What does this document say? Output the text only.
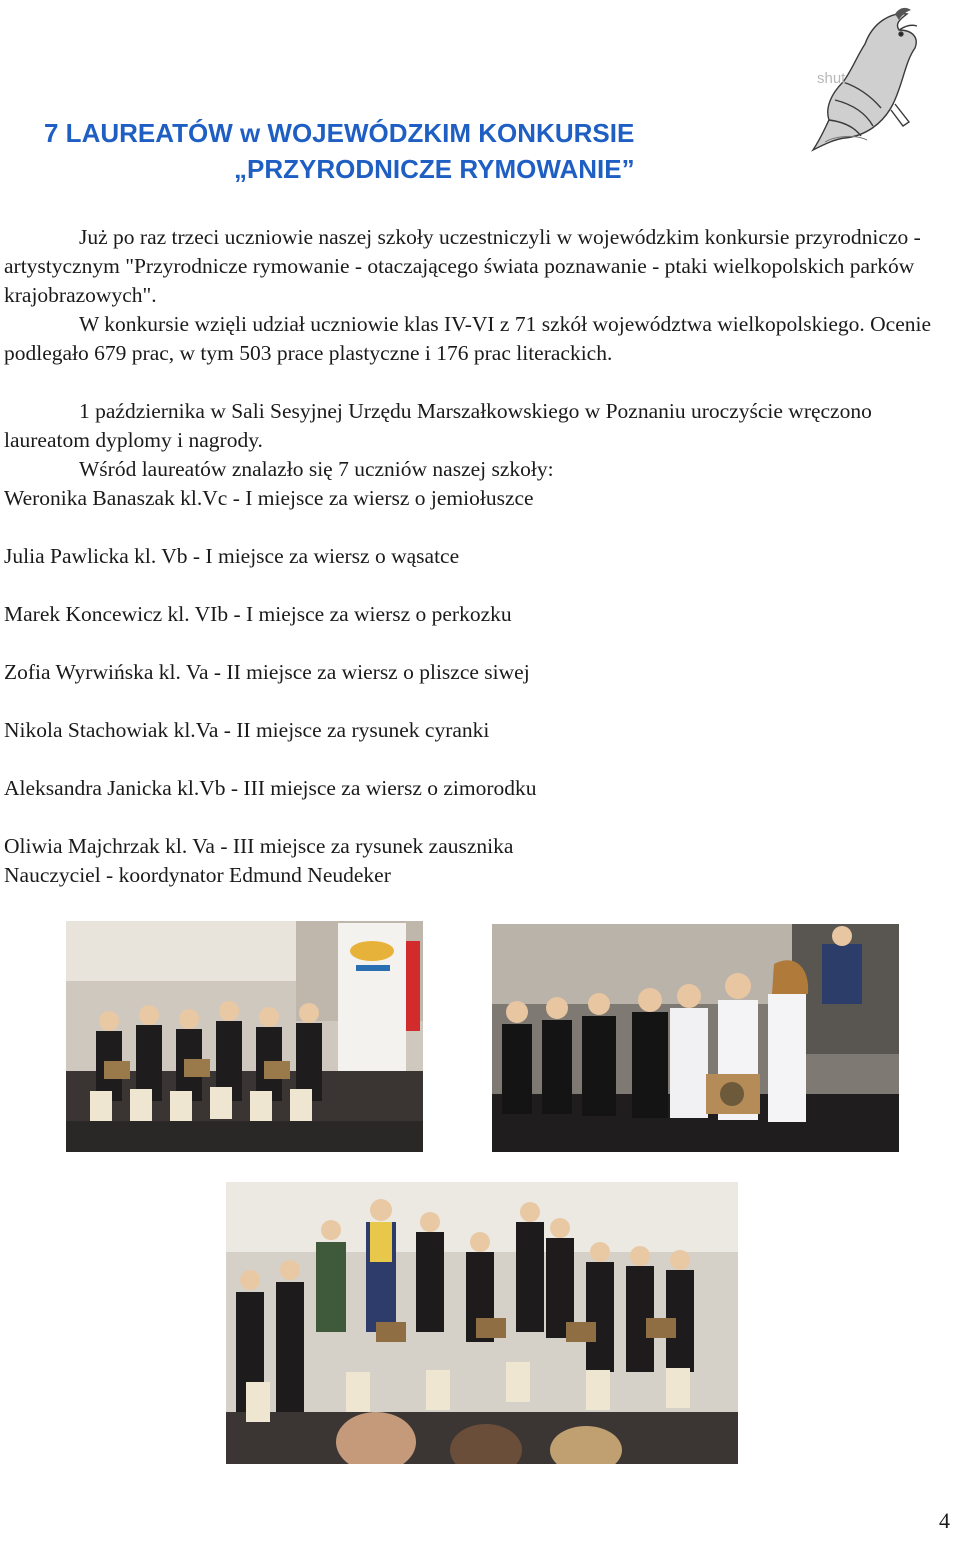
shut
7 LAUREATÓW w WOJEWÓDZKIM KONKURSIE
„PRZYRODNICZE RYMOWANIE”

Już po raz trzeci uczniowie naszej szkoły uczestniczyli w wojewódzkim konkursie przyrodniczo - artystycznym "Przyrodnicze rymowanie - otaczającego świata poznawanie - ptaki wielkopolskich parków krajobrazowych".

W konkursie wzięli udział uczniowie klas IV-VI z 71 szkół województwa wielkopolskiego. Ocenie podlegało 679 prac, w tym 503 prace plastyczne i 176 prac literackich.

1 października w Sali Sesyjnej Urzędu Marszałkowskiego w Poznaniu uroczyście wręczono laureatom dyplomy i nagrody.

Wśród laureatów znalazło się 7 uczniów naszej szkoły:

Weronika Banaszak kl.Vc - I miejsce za wiersz o jemiołuszce

Julia Pawlicka kl. Vb - I miejsce za wiersz o wąsatce

Marek Koncewicz kl. VIb - I miejsce za wiersz o perkozku

Zofia Wyrwińska kl. Va - II miejsce za wiersz o pliszce siwej

Nikola Stachowiak kl.Va - II miejsce za rysunek cyranki

Aleksandra Janicka kl.Vb - III miejsce za wiersz o zimorodku

Oliwia Majchrzak kl. Va - III miejsce za rysunek zausznika

Nauczyciel - koordynator Edmund Neudeker

4
